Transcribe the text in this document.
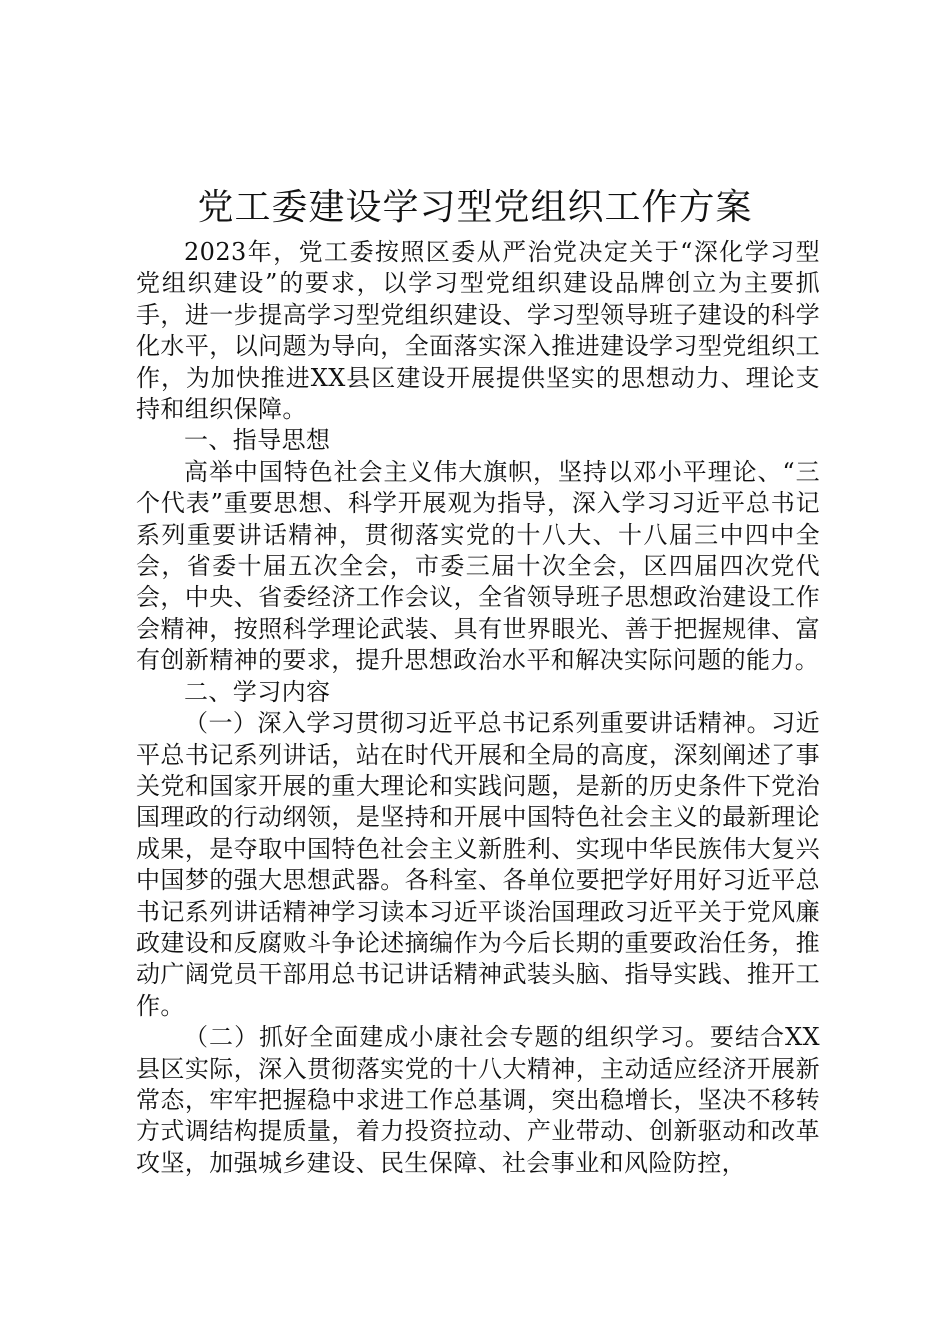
党工委建设学习型党组织工作方案

2023年，党工委按照区委从严治党决定关于“深化学习型党组织建设”的要求，以学习型党组织建设品牌创立为主要抓手，进一步提高学习型党组织建设、学习型领导班子建设的科学化水平，以问题为导向，全面落实深入推进建设学习型党组织工作，为加快推进XX县区建设开展提供坚实的思想动力、理论支持和组织保障。

一、指导思想

高举中国特色社会主义伟大旗帜，坚持以邓小平理论、“三个代表”重要思想、科学开展观为指导，深入学习习近平总书记系列重要讲话精神，贯彻落实党的十八大、十八届三中四中全会，省委十届五次全会，市委三届十次全会，区四届四次党代会，中央、省委经济工作会议，全省领导班子思想政治建设工作会精神，按照科学理论武装、具有世界眼光、善于把握规律、富有创新精神的要求，提升思想政治水平和解决实际问题的能力。

二、学习内容

（一）深入学习贯彻习近平总书记系列重要讲话精神。习近平总书记系列讲话，站在时代开展和全局的高度，深刻阐述了事关党和国家开展的重大理论和实践问题，是新的历史条件下党治国理政的行动纲领，是坚持和开展中国特色社会主义的最新理论成果，是夺取中国特色社会主义新胜利、实现中华民族伟大复兴中国梦的强大思想武器。各科室、各单位要把学好用好习近平总书记系列讲话精神学习读本习近平谈治国理政习近平关于党风廉政建设和反腐败斗争论述摘编作为今后长期的重要政治任务，推动广阔党员干部用总书记讲话精神武装头脑、指导实践、推开工作。

（二）抓好全面建成小康社会专题的组织学习。要结合XX县区实际，深入贯彻落实党的十八大精神，主动适应经济开展新常态，牢牢把握稳中求进工作总基调，突出稳增长，坚决不移转方式调结构提质量，着力投资拉动、产业带动、创新驱动和改革攻坚，加强城乡建设、民生保障、社会事业和风险防控，
